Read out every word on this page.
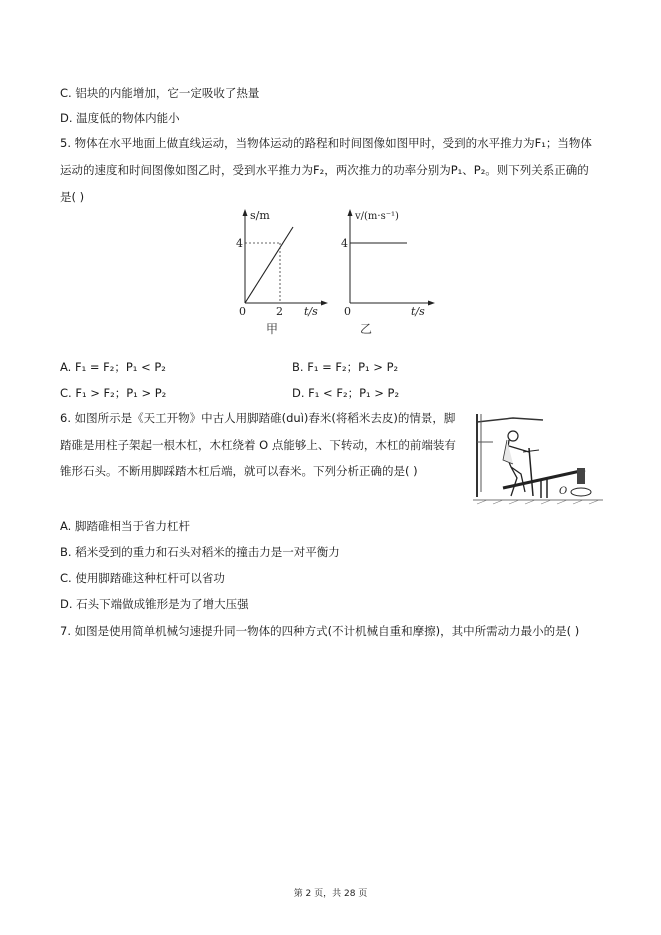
C. 铝块的内能增加，它一定吸收了热量
D. 温度低的物体内能小
5. 物体在水平地面上做直线运动，当物体运动的路程和时间图像如图甲时，受到的水平推力为F₁；当物体
运动的速度和时间图像如图乙时，受到水平推力为F₂，两次推力的功率分别为P₁、P₂。则下列关系正确的
是( )
s/m
4
0	2 t/s
甲
v/(m·s⁻¹)
4
0	t/s
乙
A. F₁ = F₂；P₁ < P₂	B. F₁ = F₂；P₁ > P₂
C. F₁ > F₂；P₁ > P₂	D. F₁ < F₂；P₁ > P₂
6. 如图所示是《天工开物》中古人用脚踏碓(duì)舂米(将稻米去皮)的情景，脚
踏碓是用柱子架起一根木杠，木杠绕着 O 点能够上、下转动，木杠的前端装有
锥形石头。不断用脚踩踏木杠后端，就可以舂米。下列分析正确的是( )
O
A. 脚踏碓相当于省力杠杆
B. 稻米受到的重力和石头对稻米的撞击力是一对平衡力
C. 使用脚踏碓这种杠杆可以省功
D. 石头下端做成锥形是为了增大压强
7. 如图是使用简单机械匀速提升同一物体的四种方式(不计机械自重和摩擦)，其中所需动力最小的是( )
第 2 页，共 28 页
